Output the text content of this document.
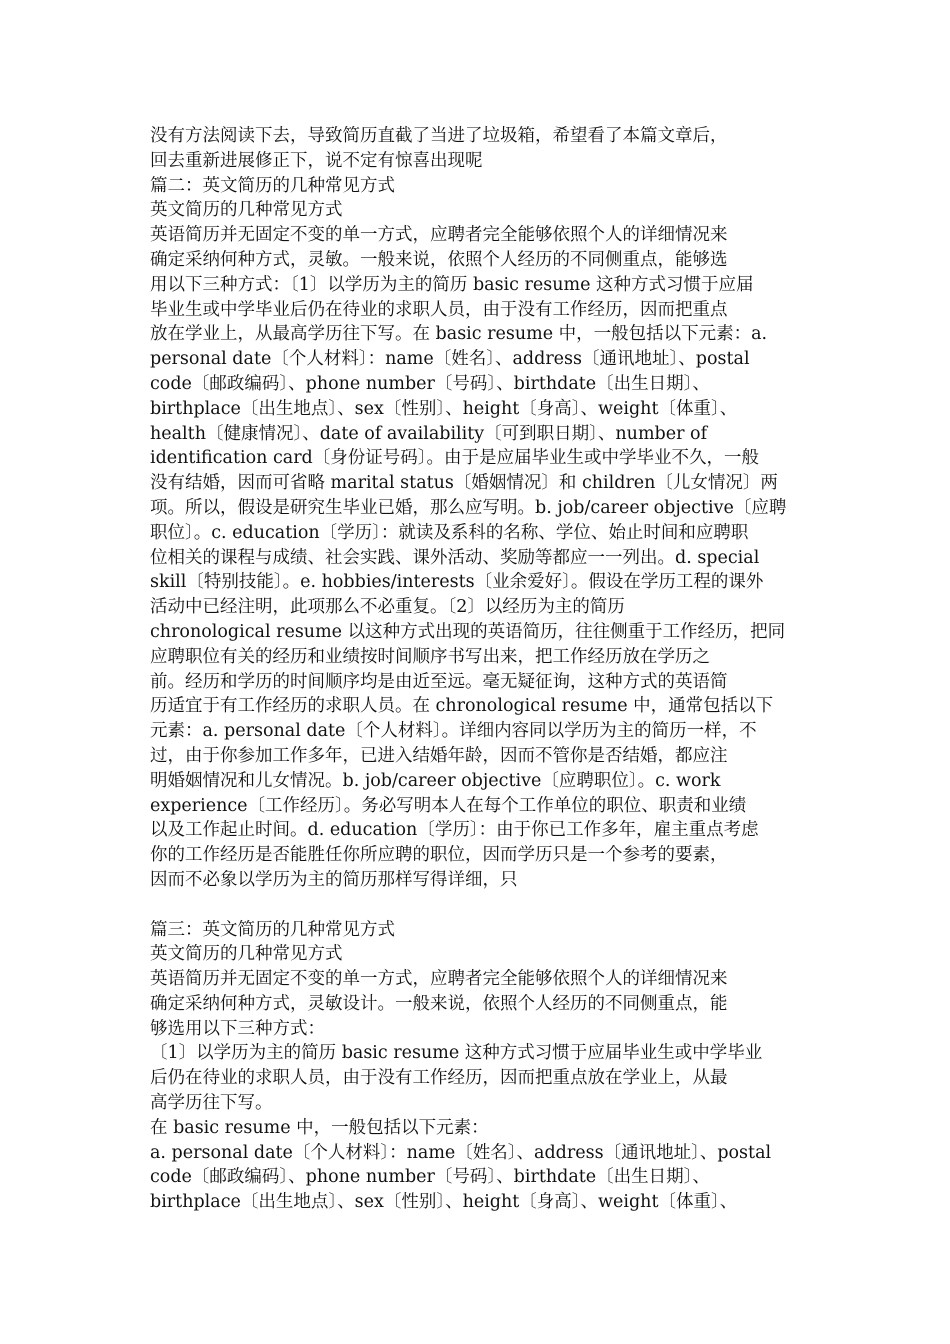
没有方法阅读下去，导致简历直截了当进了垃圾箱，希望看了本篇文章后，
回去重新进展修正下，说不定有惊喜出现呢
篇二：英文简历的几种常见方式
英文简历的几种常见方式
英语简历并无固定不变的单一方式，应聘者完全能够依照个人的详细情况来
确定采纳何种方式，灵敏。一般来说，依照个人经历的不同侧重点，能够选
用以下三种方式：〔1〕以学历为主的简历 basic resume 这种方式习惯于应届
毕业生或中学毕业后仍在待业的求职人员，由于没有工作经历，因而把重点
放在学业上，从最高学历往下写。在 basic resume 中，一般包括以下元素：a.
personal date〔个人材料〕：name〔姓名〕、address〔通讯地址〕、postal
code〔邮政编码〕、phone number〔号码〕、birthdate〔出生日期〕、
birthplace〔出生地点〕、sex〔性别〕、height〔身高〕、weight〔体重〕、
health〔健康情况〕、date of availability〔可到职日期〕、number of
identification card〔身份证号码〕。由于是应届毕业生或中学毕业不久，一般
没有结婚，因而可省略 marital status〔婚姻情况〕和 children〔儿女情况〕两
项。所以，假设是研究生毕业已婚，那么应写明。b. job/career objective〔应聘
职位〕。c. education〔学历〕：就读及系科的名称、学位、始止时间和应聘职
位相关的课程与成绩、社会实践、课外活动、奖励等都应一一列出。d. special
skill〔特别技能〕。e. hobbies/interests〔业余爱好〕。假设在学历工程的课外
活动中已经注明，此项那么不必重复。〔2〕以经历为主的简历
chronological resume 以这种方式出现的英语简历，往往侧重于工作经历，把同
应聘职位有关的经历和业绩按时间顺序书写出来，把工作经历放在学历之
前。经历和学历的时间顺序均是由近至远。毫无疑征询，这种方式的英语简
历适宜于有工作经历的求职人员。在 chronological resume 中，通常包括以下
元素：a. personal date〔个人材料〕。详细内容同以学历为主的简历一样，不
过，由于你参加工作多年，已进入结婚年龄，因而不管你是否结婚，都应注
明婚姻情况和儿女情况。b. job/career objective〔应聘职位〕。c. work
experience〔工作经历〕。务必写明本人在每个工作单位的职位、职责和业绩
以及工作起止时间。d. education〔学历〕：由于你已工作多年，雇主重点考虑
你的工作经历是否能胜任你所应聘的职位，因而学历只是一个参考的要素，
因而不必象以学历为主的简历那样写得详细，只
篇三：英文简历的几种常见方式
英文简历的几种常见方式
英语简历并无固定不变的单一方式，应聘者完全能够依照个人的详细情况来
确定采纳何种方式，灵敏设计。一般来说，依照个人经历的不同侧重点，能
够选用以下三种方式：
〔1〕以学历为主的简历 basic resume 这种方式习惯于应届毕业生或中学毕业
后仍在待业的求职人员，由于没有工作经历，因而把重点放在学业上，从最
高学历往下写。
在 basic resume 中，一般包括以下元素：
a. personal date〔个人材料〕：name〔姓名〕、address〔通讯地址〕、postal
code〔邮政编码〕、phone number〔号码〕、birthdate〔出生日期〕、
birthplace〔出生地点〕、sex〔性别〕、height〔身高〕、weight〔体重〕、
